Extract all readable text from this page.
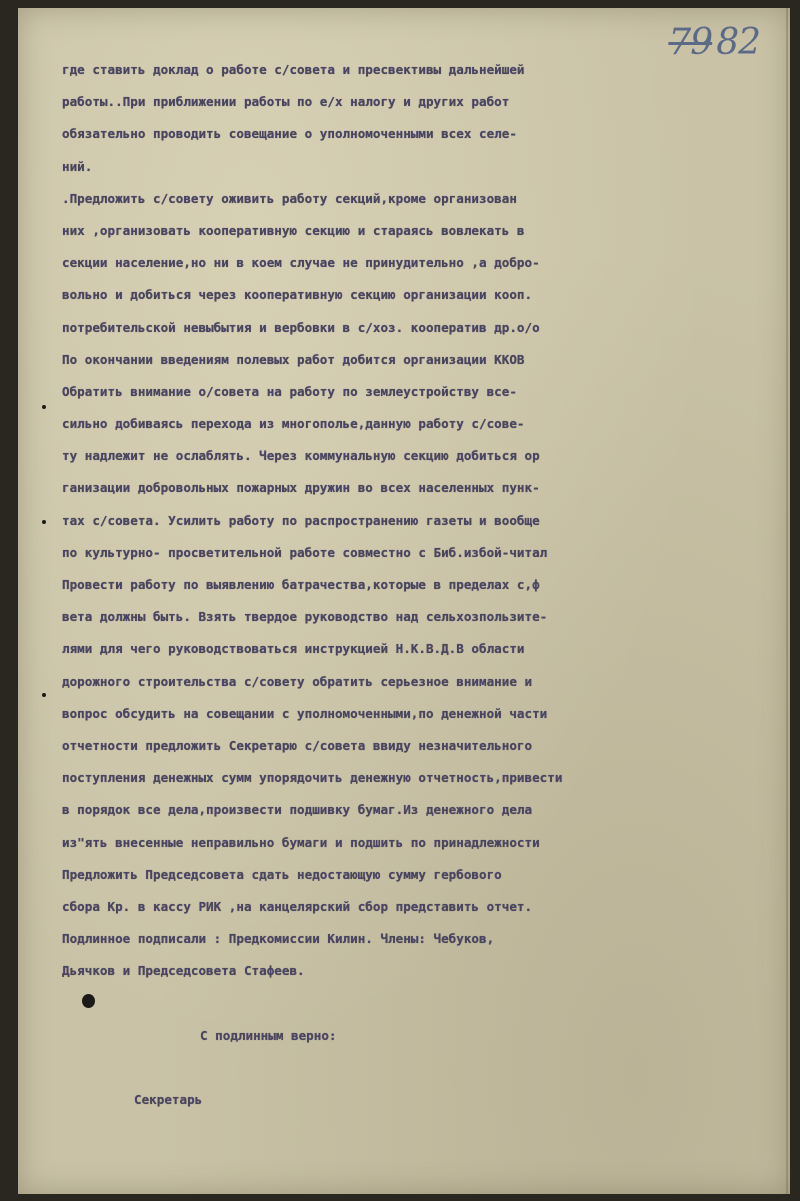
79 82
где ставить доклад о работе с/совета и пресвективы дальнейшей
работы..При приближении работы по е/х налогу и других работ
обязательно проводить совещание о уполномоченными всех селе-
ний.
.Предложить с/совету оживить работу секций,кроме организован
них ,организовать кооперативную секцию и стараясь вовлекать в
секции население,но ни в коем случае не принудительно ,а добро-
вольно и добиться через кооперативную секцию организации кооп.
потребительской невыбытия и вербовки в с/хоз. кооператив др.о/о
По окончании введениям полевых работ добится организации ККОВ
Обратить внимание о/совета на работу по землеустройству все-
сильно добиваясь перехода из многополье,данную работу с/сове-
ту надлежит не ослаблять. Через коммунальную секцию добиться ор
ганизации добровольных пожарных дружин во всех населенных пунк-
тах с/совета. Усилить работу по распространению газеты и вообще
по культурно- просветительной работе совместно с Биб.избой-читал
Провести работу по выявлению батрачества,которые в пределах с,ф
вета должны быть. Взять твердое руководство над сельхозпользите-
лями для чего руководствоваться инструкцией Н.К.В.Д.В области
дорожного строительства с/совету обратить серьезное внимание и
вопрос обсудить на совещании с уполномоченными,по денежной части
отчетности предложить Секретарю с/совета ввиду незначительного
поступления денежных сумм упорядочить денежную отчетность,привести
в порядок все дела,произвести подшивку бумаг.Из денежного дела
из"ять внесенные неправильно бумаги и подшить по принадлежности
Предложить Председсовета сдать недостающую сумму гербового
сбора Кр. в кассу РИК ,на канцелярский сбор представить отчет.
Подлинное подписали : Предкомиссии Килин. Члены: Чебуков,
Дьячков и Председсовета Стафеев.
С подлинным верно:
Секретарь
